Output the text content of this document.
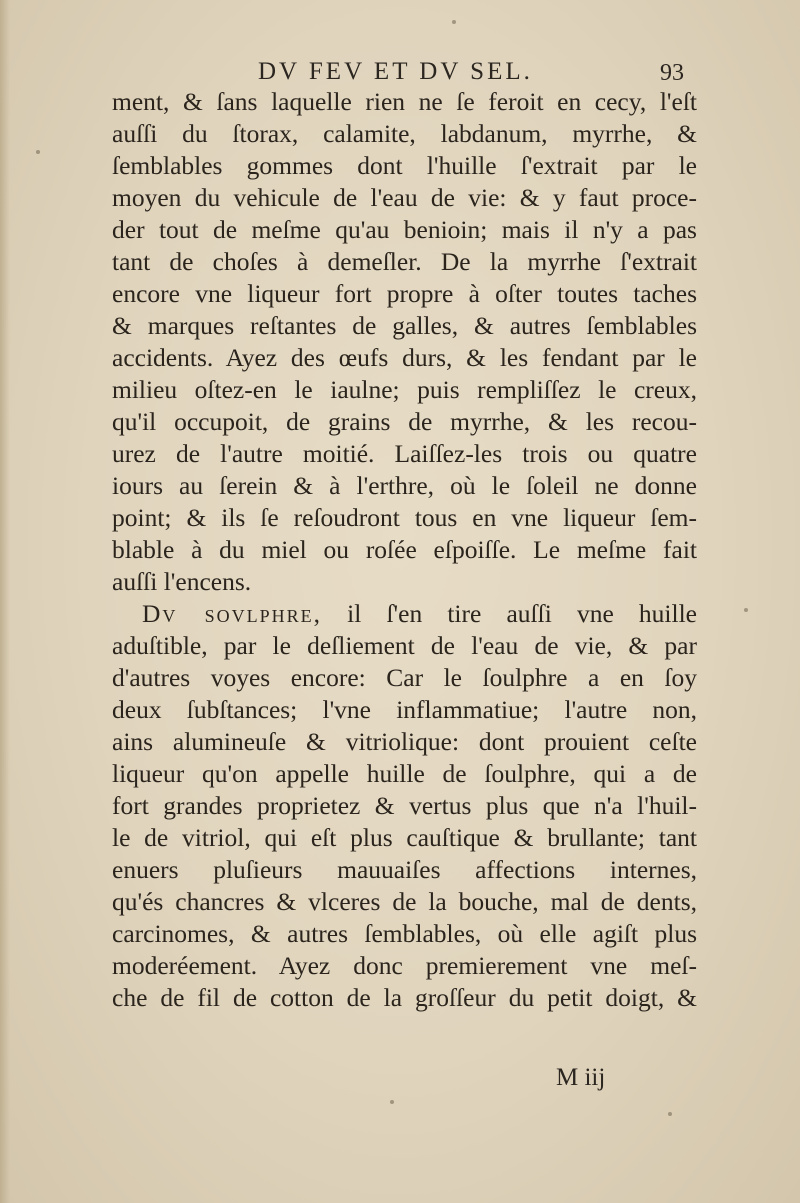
DV FEV ET DV SEL.	93
ment, & ſans laquelle rien ne ſe feroit en cecy, l'eſt
auſſi du ſtorax, calamite, labdanum, myrrhe, &
ſemblables gommes dont l'huille ſ'extrait par le
moyen du vehicule de l'eau de vie: & y faut proce-
der tout de meſme qu'au benioin; mais il n'y a pas
tant de choſes à demeſler. De la myrrhe ſ'extrait
encore vne liqueur fort propre à oſter toutes taches
& marques reſtantes de galles, & autres ſemblables
accidents. Ayez des œufs durs, & les fendant par le
milieu oſtez-en le iaulne; puis rempliſſez le creux,
qu'il occupoit, de grains de myrrhe, & les recou-
urez de l'autre moitié. Laiſſez-les trois ou quatre
iours au ſerein & à l'erthre, où le ſoleil ne donne
point; & ils ſe reſoudront tous en vne liqueur ſem-
blable à du miel ou roſée eſpoiſſe. Le meſme fait
auſſi l'encens.
Dv sovlphre, il ſ'en tire auſſi vne huille
aduſtible, par le deſliement de l'eau de vie, & par
d'autres voyes encore: Car le ſoulphre a en ſoy
deux ſubſtances; l'vne inflammatiue; l'autre non,
ains alumineuſe & vitriolique: dont prouient ceſte
liqueur qu'on appelle huille de ſoulphre, qui a de
fort grandes proprietez & vertus plus que n'a l'huil-
le de vitriol, qui eſt plus cauſtique & brullante; tant
enuers pluſieurs mauuaiſes affections internes,
qu'és chancres & vlceres de la bouche, mal de dents,
carcinomes, & autres ſemblables, où elle agiſt plus
moderéement. Ayez donc premierement vne meſ-
che de fil de cotton de la groſſeur du petit doigt, &
M iij
